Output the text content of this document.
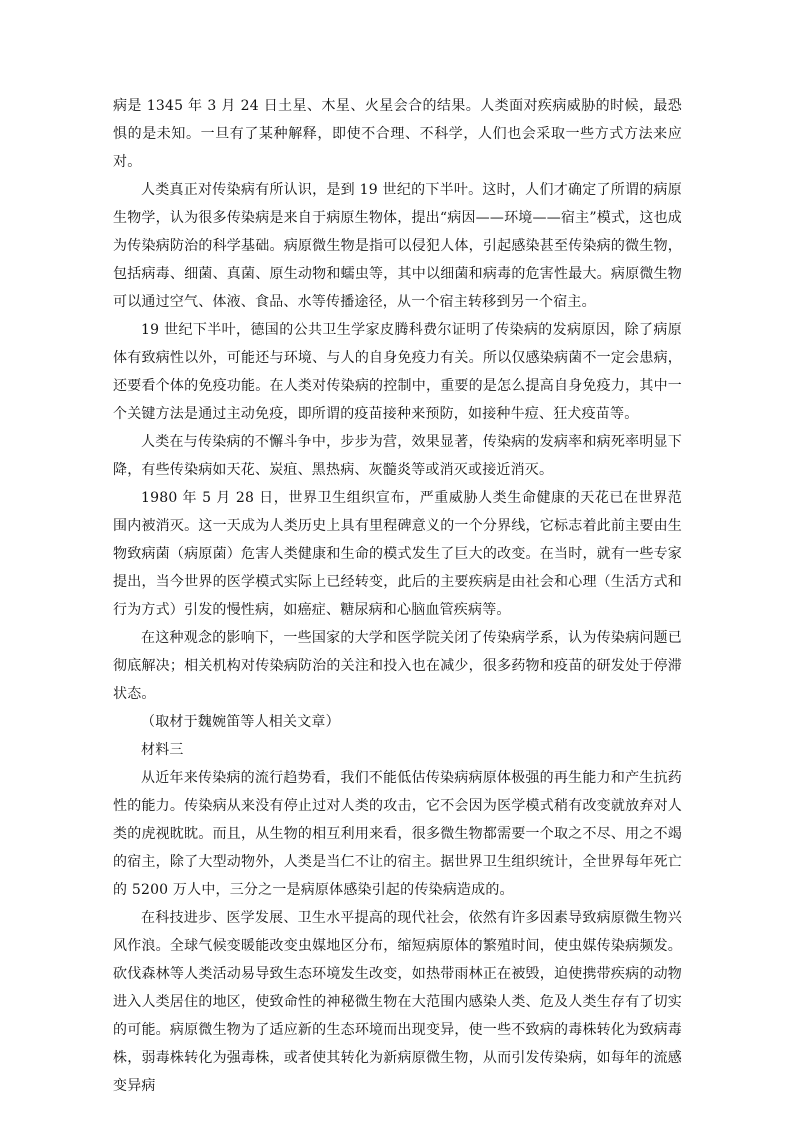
病是 1345 年 3 月 24 日土星、木星、火星会合的结果。人类面对疾病威胁的时候，最恐惧的是未知。一旦有了某种解释，即使不合理、不科学，人们也会采取一些方式方法来应对。

人类真正对传染病有所认识，是到 19 世纪的下半叶。这时，人们才确定了所谓的病原生物学，认为很多传染病是来自于病原生物体，提出“病因——环境——宿主”模式，这也成为传染病防治的科学基础。病原微生物是指可以侵犯人体，引起感染甚至传染病的微生物，包括病毒、细菌、真菌、原生动物和蠕虫等，其中以细菌和病毒的危害性最大。病原微生物可以通过空气、体液、食品、水等传播途径，从一个宿主转移到另一个宿主。

19 世纪下半叶，德国的公共卫生学家皮腾科费尔证明了传染病的发病原因，除了病原体有致病性以外，可能还与环境、与人的自身免疫力有关。所以仅感染病菌不一定会患病，还要看个体的免疫功能。在人类对传染病的控制中，重要的是怎么提高自身免疫力，其中一个关键方法是通过主动免疫，即所谓的疫苗接种来预防，如接种牛痘、狂犬疫苗等。

人类在与传染病的不懈斗争中，步步为营，效果显著，传染病的发病率和病死率明显下降，有些传染病如天花、炭疽、黑热病、灰髓炎等或消灭或接近消灭。

1980 年 5 月 28 日，世界卫生组织宣布，严重威胁人类生命健康的天花已在世界范围内被消灭。这一天成为人类历史上具有里程碑意义的一个分界线，它标志着此前主要由生物致病菌（病原菌）危害人类健康和生命的模式发生了巨大的改变。在当时，就有一些专家提出，当今世界的医学模式实际上已经转变，此后的主要疾病是由社会和心理（生活方式和行为方式）引发的慢性病，如癌症、糖尿病和心脑血管疾病等。

在这种观念的影响下，一些国家的大学和医学院关闭了传染病学系，认为传染病问题已彻底解决；相关机构对传染病防治的关注和投入也在减少，很多药物和疫苗的研发处于停滞状态。

（取材于魏婉笛等人相关文章）

材料三

从近年来传染病的流行趋势看，我们不能低估传染病病原体极强的再生能力和产生抗药性的能力。传染病从来没有停止过对人类的攻击，它不会因为医学模式稍有改变就放弃对人类的虎视眈眈。而且，从生物的相互利用来看，很多微生物都需要一个取之不尽、用之不竭的宿主，除了大型动物外，人类是当仁不让的宿主。据世界卫生组织统计，全世界每年死亡的 5200 万人中，三分之一是病原体感染引起的传染病造成的。

在科技进步、医学发展、卫生水平提高的现代社会，依然有许多因素导致病原微生物兴风作浪。全球气候变暖能改变虫媒地区分布，缩短病原体的繁殖时间，使虫媒传染病频发。砍伐森林等人类活动易导致生态环境发生改变，如热带雨林正在被毁，迫使携带疾病的动物进入人类居住的地区，使致命性的神秘微生物在大范围内感染人类、危及人类生存有了切实的可能。病原微生物为了适应新的生态环境而出现变异，使一些不致病的毒株转化为致病毒株，弱毒株转化为强毒株，或者使其转化为新病原微生物，从而引发传染病，如每年的流感变异病
